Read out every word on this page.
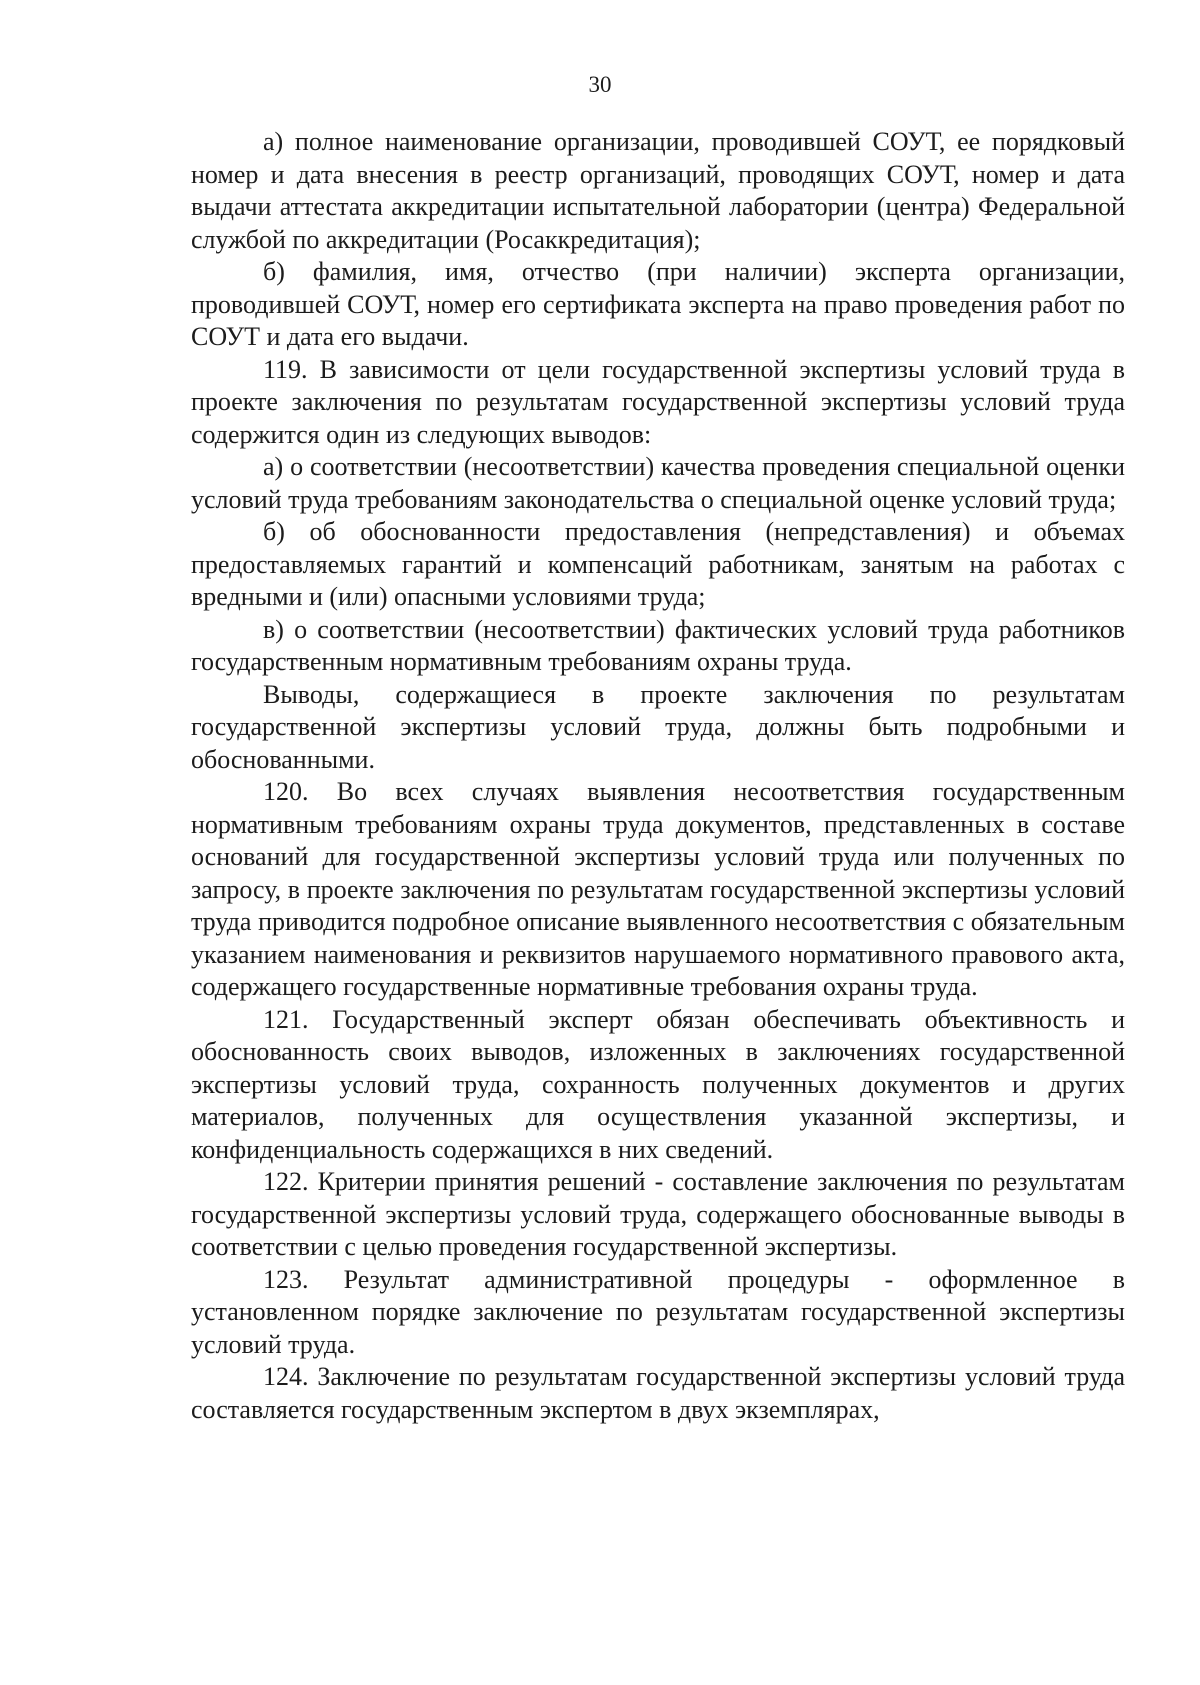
30

а) полное наименование организации, проводившей СОУТ, ее порядковый номер и дата внесения в реестр организаций, проводящих СОУТ, номер и дата выдачи аттестата аккредитации испытательной лаборатории (центра) Федеральной службой по аккредитации (Росаккредитация);

б) фамилия, имя, отчество (при наличии) эксперта организации, проводившей СОУТ, номер его сертификата эксперта на право проведения работ по СОУТ и дата его выдачи.

119. В зависимости от цели государственной экспертизы условий труда в проекте заключения по результатам государственной экспертизы условий труда содержится один из следующих выводов:

а) о соответствии (несоответствии) качества проведения специальной оценки условий труда требованиям законодательства о специальной оценке условий труда;

б) об обоснованности предоставления (непредставления) и объемах предоставляемых гарантий и компенсаций работникам, занятым на работах с вредными и (или) опасными условиями труда;

в) о соответствии (несоответствии) фактических условий труда работников государственным нормативным требованиям охраны труда.

Выводы, содержащиеся в проекте заключения по результатам государственной экспертизы условий труда, должны быть подробными и обоснованными.

120. Во всех случаях выявления несоответствия государственным нормативным требованиям охраны труда документов, представленных в составе оснований для государственной экспертизы условий труда или полученных по запросу, в проекте заключения по результатам государственной экспертизы условий труда приводится подробное описание выявленного несоответствия с обязательным указанием наименования и реквизитов нарушаемого нормативного правового акта, содержащего государственные нормативные требования охраны труда.

121. Государственный эксперт обязан обеспечивать объективность и обоснованность своих выводов, изложенных в заключениях государственной экспертизы условий труда, сохранность полученных документов и других материалов, полученных для осуществления указанной экспертизы, и конфиденциальность содержащихся в них сведений.

122. Критерии принятия решений - составление заключения по результатам государственной экспертизы условий труда, содержащего обоснованные выводы в соответствии с целью проведения государственной экспертизы.

123. Результат административной процедуры - оформленное в установленном порядке заключение по результатам государственной экспертизы условий труда.

124. Заключение по результатам государственной экспертизы условий труда составляется государственным экспертом в двух экземплярах,
